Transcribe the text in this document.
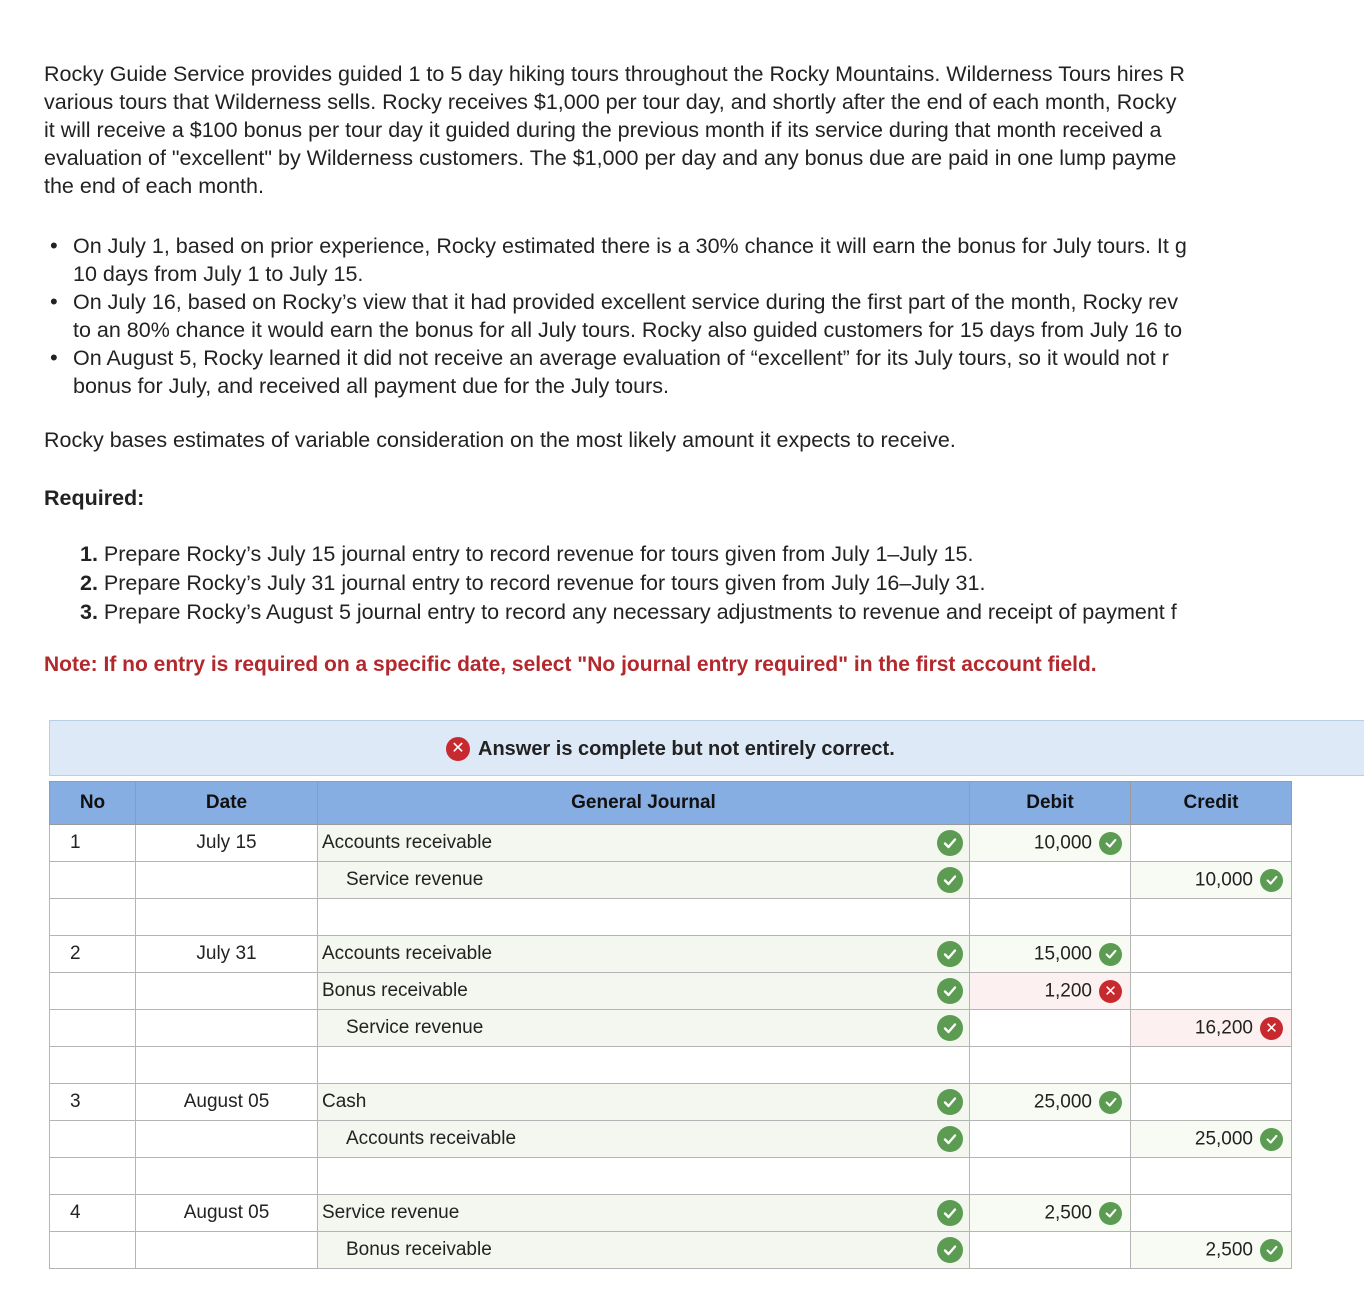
Rocky Guide Service provides guided 1 to 5 day hiking tours throughout the Rocky Mountains. Wilderness Tours hires R
various tours that Wilderness sells. Rocky receives $1,000 per tour day, and shortly after the end of each month, Rocky
it will receive a $100 bonus per tour day it guided during the previous month if its service during that month received a
evaluation of "excellent" by Wilderness customers. The $1,000 per day and any bonus due are paid in one lump payme
the end of each month.
• On July 1, based on prior experience, Rocky estimated there is a 30% chance it will earn the bonus for July tours. It g
10 days from July 1 to July 15.
• On July 16, based on Rocky’s view that it had provided excellent service during the first part of the month, Rocky rev
to an 80% chance it would earn the bonus for all July tours. Rocky also guided customers for 15 days from July 16 to
• On August 5, Rocky learned it did not receive an average evaluation of “excellent” for its July tours, so it would not r
bonus for July, and received all payment due for the July tours.
Rocky bases estimates of variable consideration on the most likely amount it expects to receive.
Required:
1. Prepare Rocky’s July 15 journal entry to record revenue for tours given from July 1–July 15.
2. Prepare Rocky’s July 31 journal entry to record revenue for tours given from July 16–July 31.
3. Prepare Rocky’s August 5 journal entry to record any necessary adjustments to revenue and receipt of payment f
Note: If no entry is required on a specific date, select "No journal entry required" in the first account field.
✕ Answer is complete but not entirely correct.
No	Date	General Journal	Debit	Credit
1	July 15	Accounts receivable	10,000

		Service revenue		10,000

2	July 31	Accounts receivable	15,000

		Bonus receivable	1,200 ✕	

		Service revenue		16,200 ✕

3	August 05	Cash	25,000

		Accounts receivable		25,000

4	August 05	Service revenue	2,500

		Bonus receivable		2,500
